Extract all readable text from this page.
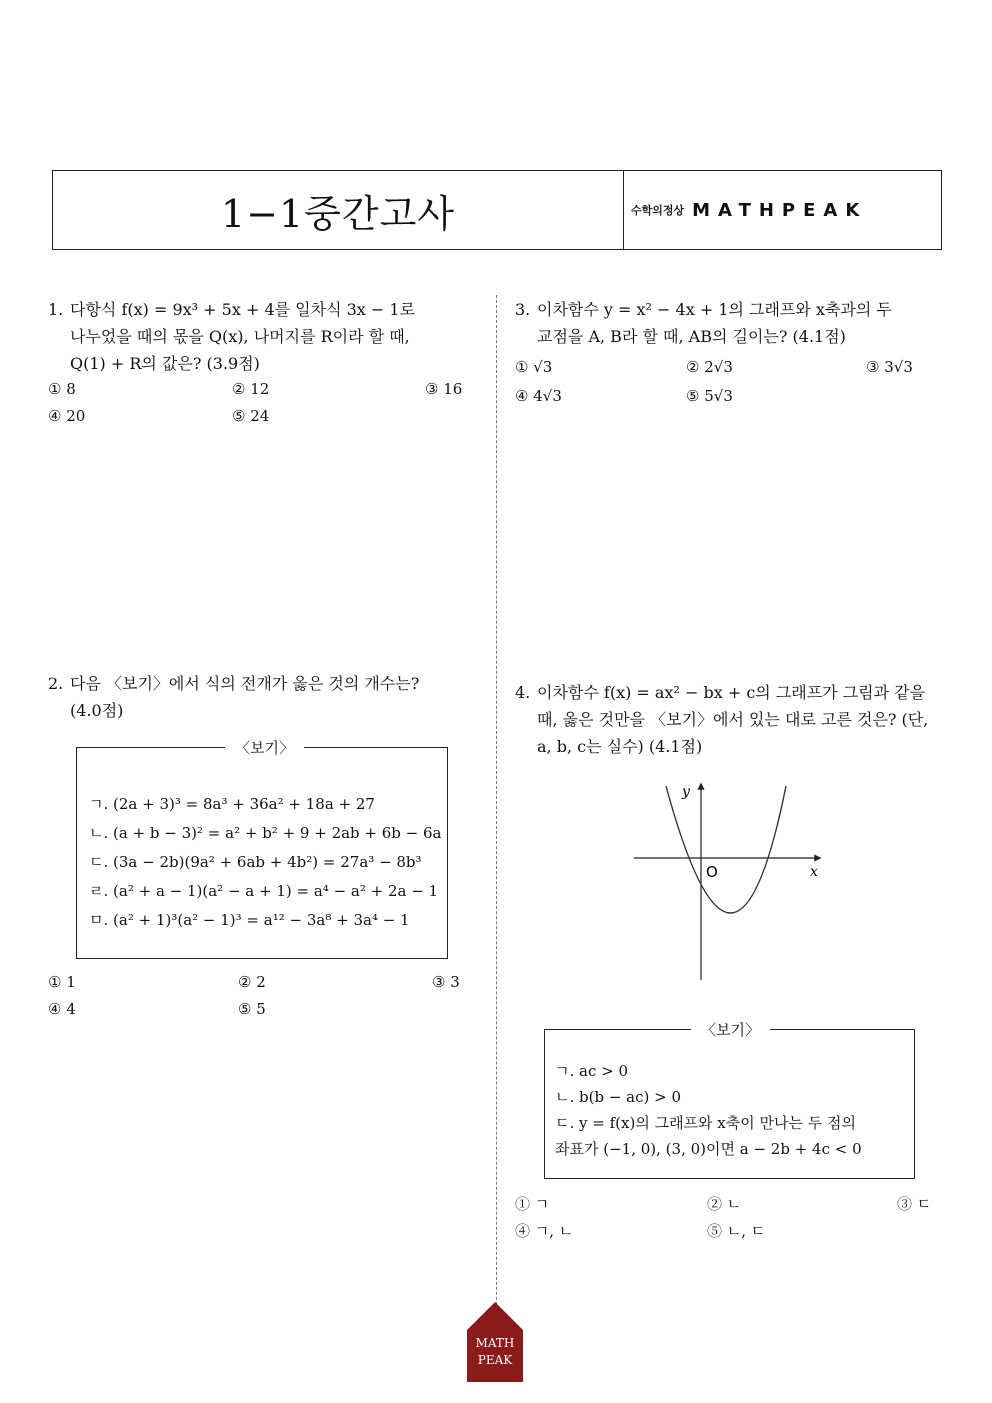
1−1중간고사	수학의정상 MATHPEAK
1. 다항식 f(x) = 9x³ + 5x + 4를 일차식 3x − 1로
나누었을 때의 몫을 Q(x), 나머지를 R이라 할 때,
Q(1) + R의 값은? (3.9점)
① 8	② 12	③ 16
④ 20	⑤ 24
2. 다음 〈보기〉에서 식의 전개가 옳은 것의 개수는?
(4.0점)
〈보기〉
ㄱ. (2a + 3)³ = 8a³ + 36a² + 18a + 27
ㄴ. (a + b − 3)² = a² + b² + 9 + 2ab + 6b − 6a
ㄷ. (3a − 2b)(9a² + 6ab + 4b²) = 27a³ − 8b³
ㄹ. (a² + a − 1)(a² − a + 1) = a⁴ − a² + 2a − 1
ㅁ. (a² + 1)³(a² − 1)³ = a¹² − 3a⁸ + 3a⁴ − 1
① 1	② 2	③ 3
④ 4	⑤ 5
3. 이차함수 y = x² − 4x + 1의 그래프와 x축과의 두
교점을 A, B라 할 때, AB의 길이는? (4.1점)
① √3	② 2√3	③ 3√3
④ 4√3	⑤ 5√3
4. 이차함수 f(x) = ax² − bx + c의 그래프가 그림과 같을
때, 옳은 것만을 〈보기〉에서 있는 대로 고른 것은? (단,
a, b, c는 실수) (4.1점)
y
x
O
〈보기〉
ㄱ. ac > 0
ㄴ. b(b − ac) > 0
ㄷ. y = f(x)의 그래프와 x축이 만나는 두 점의
좌표가 (−1, 0), (3, 0)이면 a − 2b + 4c < 0
① ㄱ	② ㄴ	③ ㄷ
④ ㄱ, ㄴ	⑤ ㄴ, ㄷ
MATH
PEAK
